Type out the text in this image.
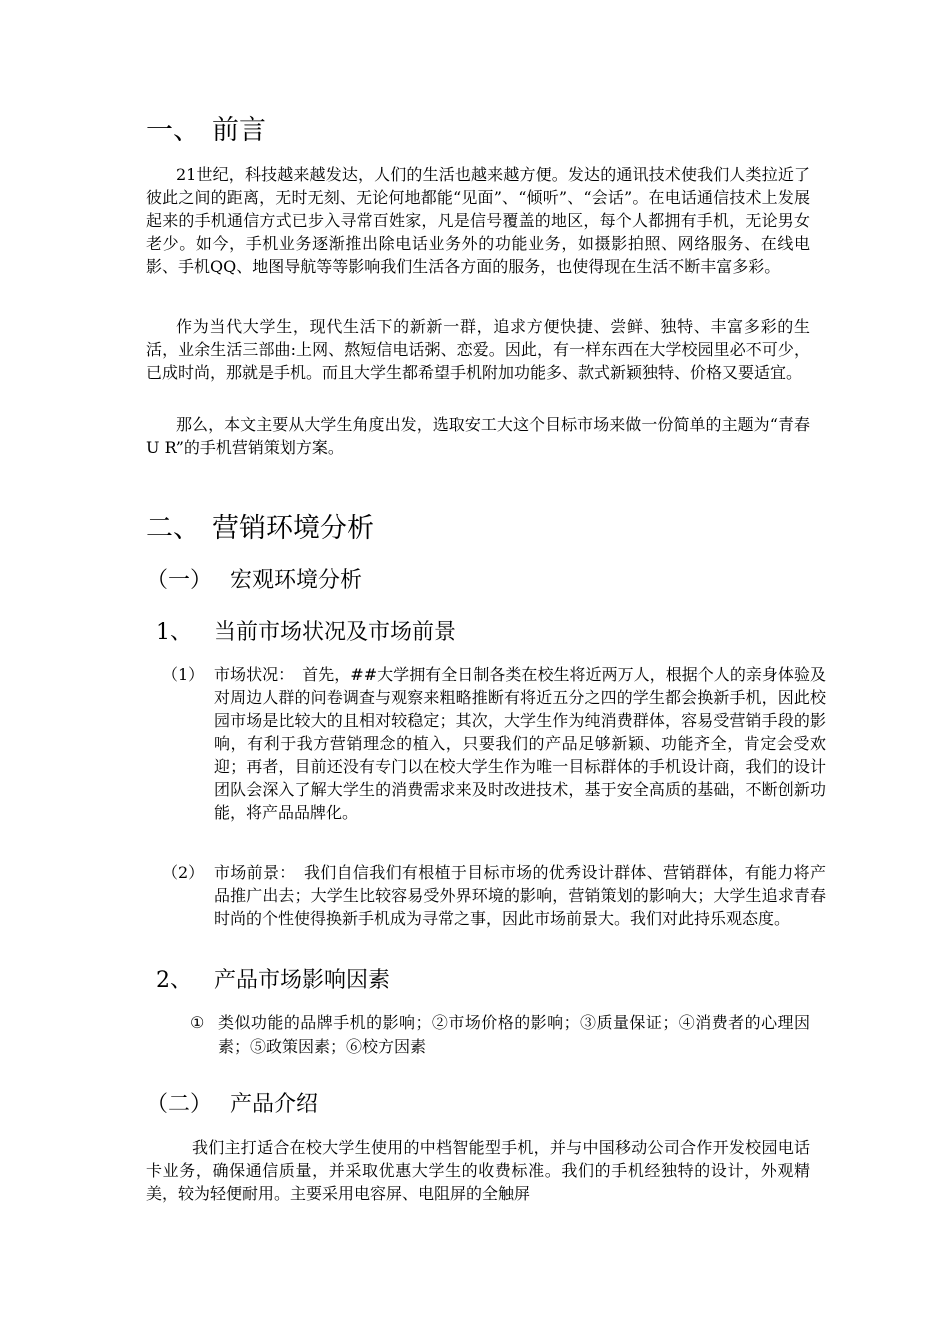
一、 前言
21世纪，科技越来越发达，人们的生活也越来越方便。发达的通讯技术使我们人类拉近了彼此之间的距离，无时无刻、无论何地都能“见面”、“倾听”、“会话”。在电话通信技术上发展起来的手机通信方式已步入寻常百姓家，凡是信号覆盖的地区，每个人都拥有手机，无论男女老少。如今，手机业务逐渐推出除电话业务外的功能业务，如摄影拍照、网络服务、在线电影、手机QQ、地图导航等等影响我们生活各方面的服务，也使得现在生活不断丰富多彩。
作为当代大学生，现代生活下的新新一群，追求方便快捷、尝鲜、独特、丰富多彩的生活，业余生活三部曲:上网、熬短信电话粥、恋爱。因此，有一样东西在大学校园里必不可少，已成时尚，那就是手机。而且大学生都希望手机附加功能多、款式新颖独特、价格又要适宜。
那么，本文主要从大学生角度出发，选取安工大这个目标市场来做一份简单的主题为“青春 U R”的手机营销策划方案。
二、 营销环境分析
（一） 宏观环境分析
1、 当前市场状况及市场前景
（1） 市场状况：　首先，##大学拥有全日制各类在校生将近两万人，根据个人的亲身体验及对周边人群的问卷调查与观察来粗略推断有将近五分之四的学生都会换新手机，因此校园市场是比较大的且相对较稳定；其次，大学生作为纯消费群体，容易受营销手段的影响，有利于我方营销理念的植入，只要我们的产品足够新颖、功能齐全，肯定会受欢迎；再者，目前还没有专门以在校大学生作为唯一目标群体的手机设计商，我们的设计团队会深入了解大学生的消费需求来及时改进技术，基于安全高质的基础，不断创新功能，将产品品牌化。
（2） 市场前景：　我们自信我们有根植于目标市场的优秀设计群体、营销群体，有能力将产品推广出去；大学生比较容易受外界环境的影响，营销策划的影响大；大学生追求青春时尚的个性使得换新手机成为寻常之事，因此市场前景大。我们对此持乐观态度。
2、 产品市场影响因素
① 类似功能的品牌手机的影响；②市场价格的影响；③质量保证；④消费者的心理因素；⑤政策因素；⑥校方因素
（二） 产品介绍
我们主打适合在校大学生使用的中档智能型手机，并与中国移动公司合作开发校园电话卡业务，确保通信质量，并采取优惠大学生的收费标准。我们的手机经独特的设计，外观精美，较为轻便耐用。主要采用电容屏、电阻屏的全触屏
